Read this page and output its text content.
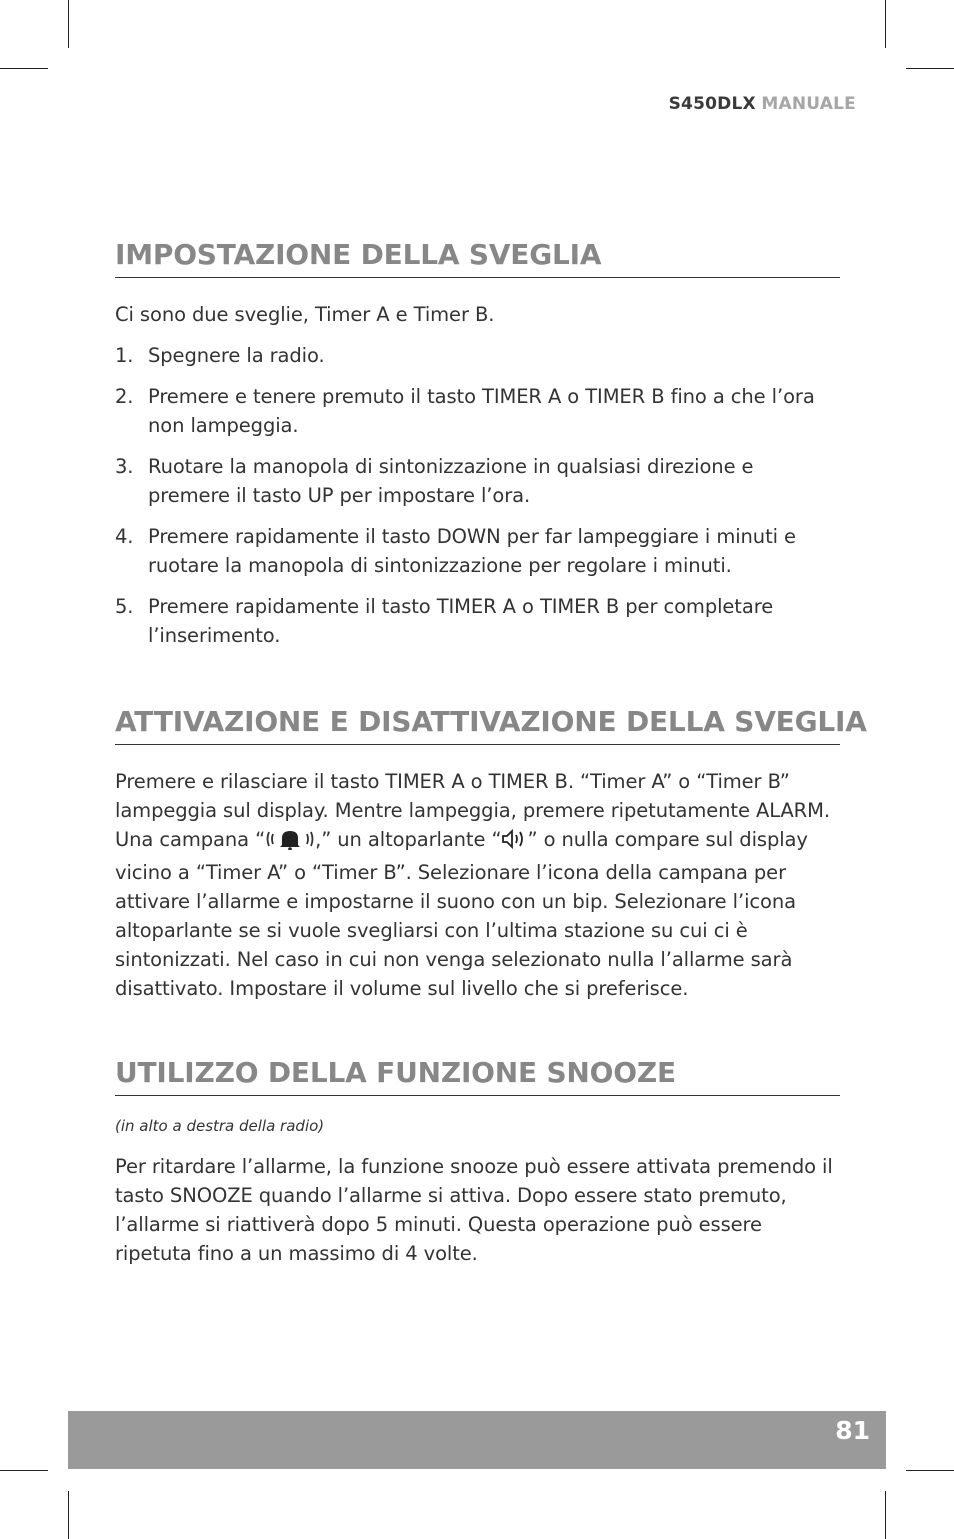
S450DLX MANUALE
IMPOSTAZIONE DELLA SVEGLIA
Ci sono due sveglie, Timer A e Timer B.
1. Spegnere la radio.
2. Premere e tenere premuto il tasto TIMER A o TIMER B fino a che l’ora non lampeggia.
3. Ruotare la manopola di sintonizzazione in qualsiasi direzione e premere il tasto UP per impostare l’ora.
4. Premere rapidamente il tasto DOWN per far lampeggiare i minuti e ruotare la manopola di sintonizzazione per regolare i minuti.
5. Premere rapidamente il tasto TIMER A o TIMER B per completare l’inserimento.
ATTIVAZIONE E DISATTIVAZIONE DELLA SVEGLIA
Premere e rilasciare il tasto TIMER A o TIMER B. “Timer A” o “Timer B” lampeggia sul display. Mentre lampeggia, premere ripetutamente ALARM. Una campana “	,” un altoparlante “ ” o nulla compare sul display vicino a “Timer A” o “Timer B”. Selezionare l’icona della campana per attivare l’allarme e impostarne il suono con un bip. Selezionare l’icona altoparlante se si vuole svegliarsi con l’ultima stazione su cui ci è sintonizzati. Nel caso in cui non venga selezionato nulla l’allarme sarà disattivato. Impostare il volume sul livello che si preferisce.
UTILIZZO DELLA FUNZIONE SNOOZE
(in alto a destra della radio)
Per ritardare l’allarme, la funzione snooze può essere attivata premendo il tasto SNOOZE quando l’allarme si attiva. Dopo essere stato premuto, l’allarme si riattiverà dopo 5 minuti. Questa operazione può essere ripetuta fino a un massimo di 4 volte.
81
